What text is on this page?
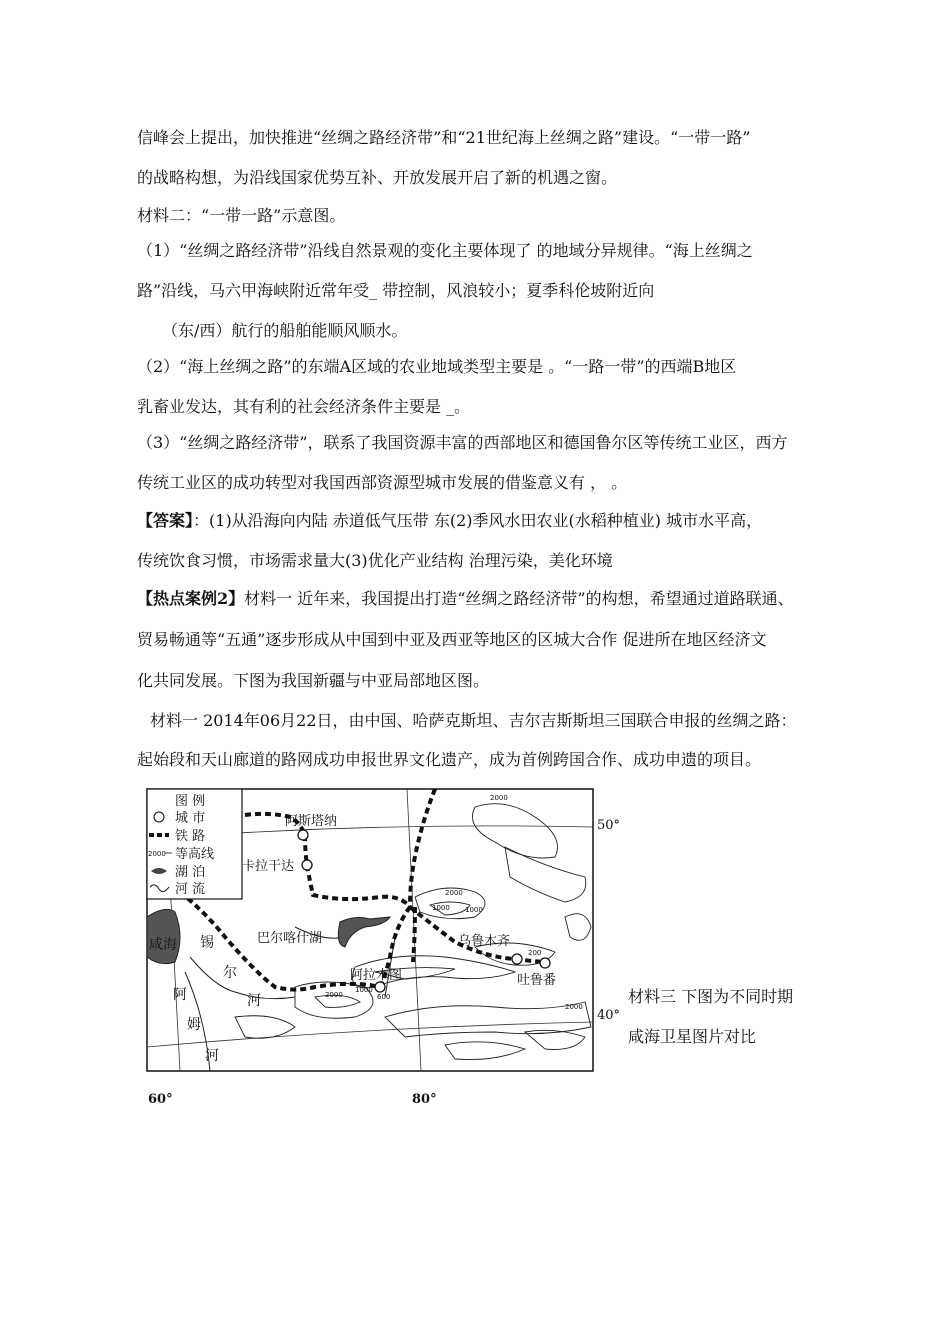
信峰会上提出，加快推进“丝绸之路经济带”和“21世纪海上丝绸之路”建设。“一带一路”
的战略构想，为沿线国家优势互补、开放发展开启了新的机遇之窗。
材料二：“一带一路”示意图。
（1）“丝绸之路经济带”沿线自然景观的变化主要体现了 的地域分异规律。“海上丝绸之
路”沿线，马六甲海峡附近常年受_ 带控制，风浪较小；夏季科伦坡附近向
（东/西）航行的船舶能顺风顺水。
（2）“海上丝绸之路”的东端A区域的农业地域类型主要是 。“一路一带”的西端B地区
乳畜业发达，其有利的社会经济条件主要是 _。
（3）“丝绸之路经济带”，联系了我国资源丰富的西部地区和德国鲁尔区等传统工业区，西方
传统工业区的成功转型对我国西部资源型城市发展的借鉴意义有 ， 。
【答案】：(1)从沿海向内陆 赤道低气压带 东(2)季风水田农业(水稻种植业) 城市水平高，
传统饮食习惯，市场需求量大(3)优化产业结构 治理污染，美化环境
【热点案例2】材料一 近年来，我国提出打造“丝绸之路经济带”的构想，希望通过道路联通、
贸易畅通等“五通”逐步形成从中国到中亚及西亚等地区的区城大合作 促进所在地区经济文
化共同发展。下图为我国新疆与中亚局部地区图。
材料一 2014年06月22日，由中国、哈萨克斯坦、吉尔吉斯斯坦三国联合申报的丝绸之路：
起始段和天山廊道的路网成功申报世界文化遗产，成为首例跨国合作、成功申遗的项目。
图 例
城 市
铁 路
2000 等高线
湖 泊
河 流
阿斯塔纳
卡拉干达
阿拉木图
乌鲁木齐
吐鲁番
巴尔喀什湖
咸海 锡
尔
河
阿
姆
河
2000
2000
1000 1000
200
2000
1000
600
2000
50°
40°
60°	80°
材料三 下图为不同时期
咸海卫星图片对比
